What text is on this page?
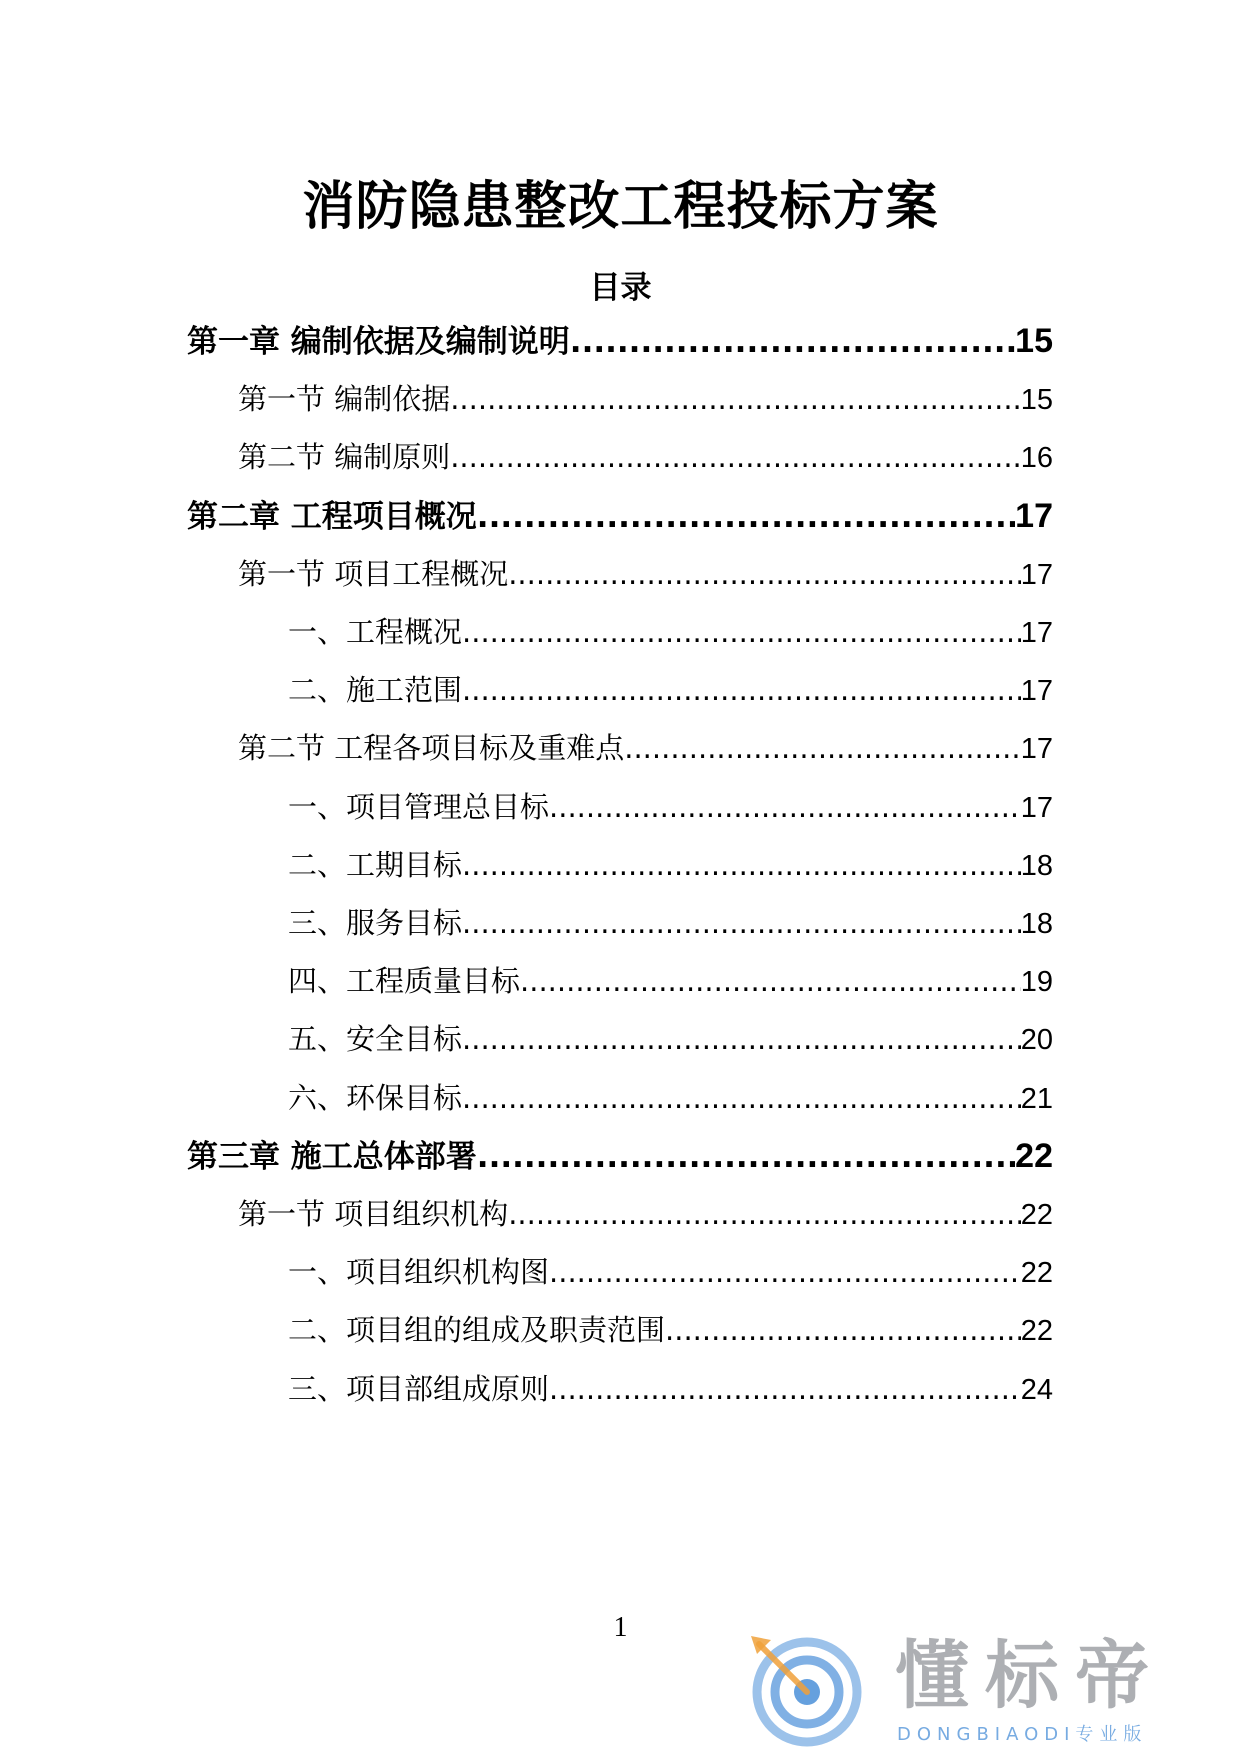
消防隐患整改工程投标方案
目录
第一章 编制依据及编制说明 .....	15
第一节 编制依据 .....	15
第二节 编制原则 .....	16
第二章 工程项目概况 .....	17
第一节 项目工程概况 .....	17
一、工程概况 .....	17
二、施工范围 .....	17
第二节 工程各项目标及重难点 .....	17
一、项目管理总目标 .....	17
二、工期目标 .....	18
三、服务目标 .....	18
四、工程质量目标 .....	19
五、安全目标 .....	20
六、环保目标 .....	21
第三章 施工总体部署 .....	22
第一节 项目组织机构 .....	22
一、项目组织机构图 .....	22
二、项目组的组成及职责范围 .....	22
三、项目部组成原则 .....	24
1
懂标帝
DONGBIAODI专业版
